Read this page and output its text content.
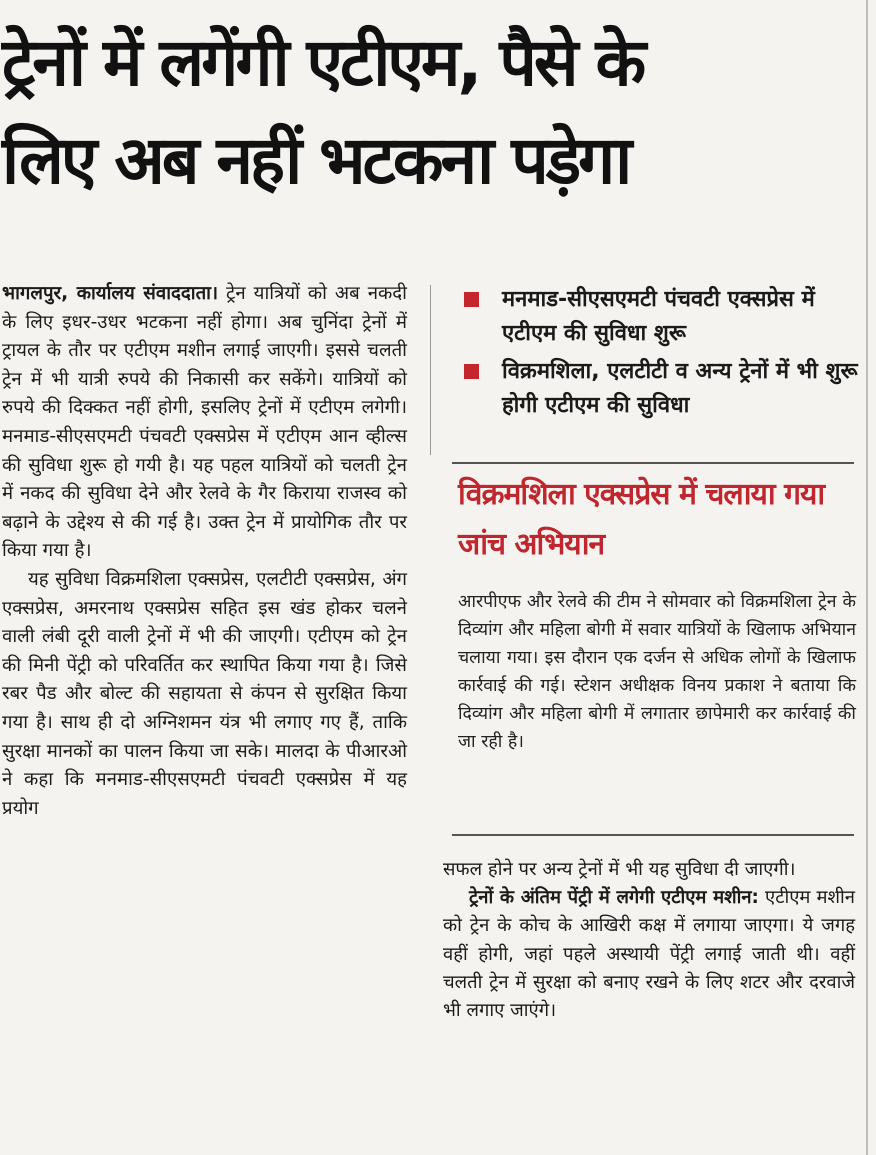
ट्रेनों में लगेंगी एटीएम, पैसे के
लिए अब नहीं भटकना पड़ेगा

भागलपुर, कार्यालय संवाददाता। ट्रेन यात्रियों को अब नकदी के लिए इधर-उधर भटकना नहीं होगा। अब चुनिंदा ट्रेनों में ट्रायल के तौर पर एटीएम मशीन लगाई जाएगी। इससे चलती ट्रेन में भी यात्री रुपये की निकासी कर सकेंगे। यात्रियों को रुपये की दिक्कत नहीं होगी, इसलिए ट्रेनों में एटीएम लगेगी। मनमाड-सीएसएमटी पंचवटी एक्सप्रेस में एटीएम आन व्हील्स की सुविधा शुरू हो गयी है। यह पहल यात्रियों को चलती ट्रेन में नकद की सुविधा देने और रेलवे के गैर किराया राजस्व को बढ़ाने के उद्देश्य से की गई है। उक्त ट्रेन में प्रायोगिक तौर पर किया गया है।

यह सुविधा विक्रमशिला एक्सप्रेस, एलटीटी एक्सप्रेस, अंग एक्सप्रेस, अमरनाथ एक्सप्रेस सहित इस खंड होकर चलने वाली लंबी दूरी वाली ट्रेनों में भी की जाएगी। एटीएम को ट्रेन की मिनी पेंट्री को परिवर्तित कर स्थापित किया गया है। जिसे रबर पैड और बोल्ट की सहायता से कंपन से सुरक्षित किया गया है। साथ ही दो अग्निशमन यंत्र भी लगाए गए हैं, ताकि सुरक्षा मानकों का पालन किया जा सके। मालदा के पीआरओ ने कहा कि मनमाड-सीएसएमटी पंचवटी एक्सप्रेस में यह प्रयोग

मनमाड-सीएसएमटी पंचवटी एक्सप्रेस में एटीएम की सुविधा शुरू
विक्रमशिला, एलटीटी व अन्य ट्रेनों में भी शुरू होगी एटीएम की सुविधा
विक्रमशिला एक्सप्रेस में चलाया गया जांच अभियान
आरपीएफ और रेलवे की टीम ने सोमवार को विक्रमशिला ट्रेन के दिव्यांग और महिला बोगी में सवार यात्रियों के खिलाफ अभियान चलाया गया। इस दौरान एक दर्जन से अधिक लोगों के खिलाफ कार्रवाई की गई। स्टेशन अधीक्षक विनय प्रकाश ने बताया कि दिव्यांग और महिला बोगी में लगातार छापेमारी कर कार्रवाई की जा रही है।

सफल होने पर अन्य ट्रेनों में भी यह सुविधा दी जाएगी।

ट्रेनों के अंतिम पेंट्री में लगेगी एटीएम मशीन: एटीएम मशीन को ट्रेन के कोच के आखिरी कक्ष में लगाया जाएगा। ये जगह वहीं होगी, जहां पहले अस्थायी पेंट्री लगाई जाती थी। वहीं चलती ट्रेन में सुरक्षा को बनाए रखने के लिए शटर और दरवाजे भी लगाए जाएंगे।
